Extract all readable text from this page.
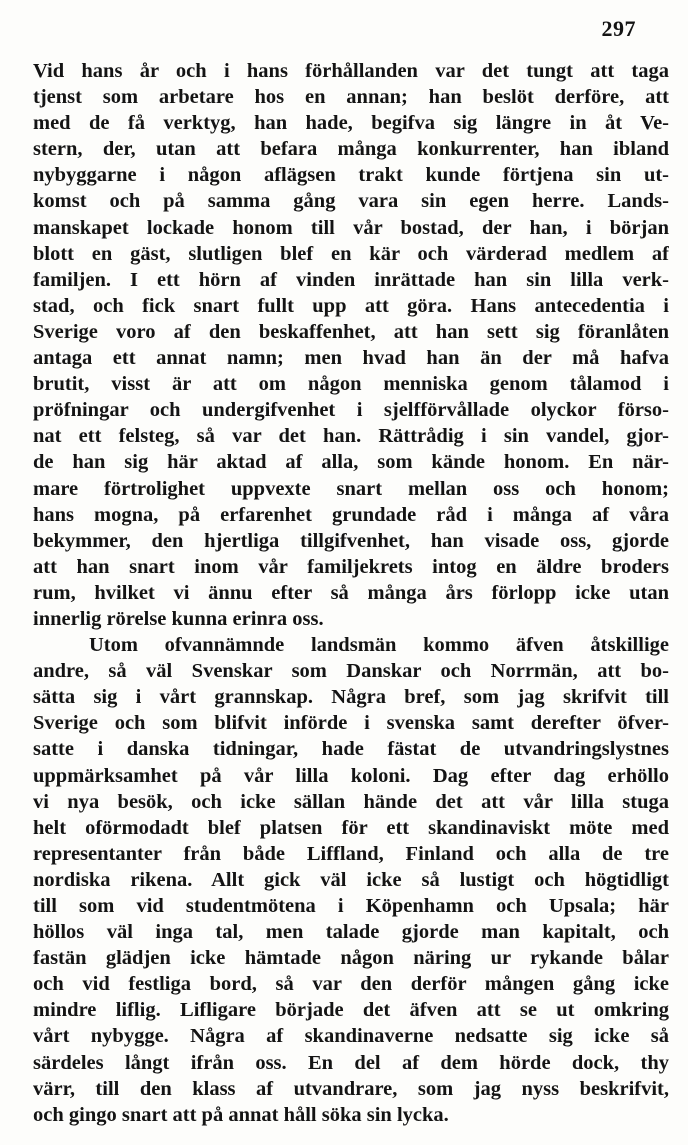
297
Vid hans år och i hans förhållanden var det tungt att taga
tjenst som arbetare hos en annan; han beslöt derföre, att
med de få verktyg, han hade, begifva sig längre in åt Ve-
stern, der, utan att befara många konkurrenter, han ibland
nybyggarne i någon aflägsen trakt kunde förtjena sin ut-
komst och på samma gång vara sin egen herre. Lands-
manskapet lockade honom till vår bostad, der han, i början
blott en gäst, slutligen blef en kär och värderad medlem af
familjen. I ett hörn af vinden inrättade han sin lilla verk-
stad, och fick snart fullt upp att göra. Hans antecedentia i
Sverige voro af den beskaffenhet, att han sett sig föranlåten
antaga ett annat namn; men hvad han än der må hafva
brutit, visst är att om någon menniska genom tålamod i
pröfningar och undergifvenhet i sjelfförvållade olyckor förso-
nat ett felsteg, så var det han. Rättrådig i sin vandel, gjor-
de han sig här aktad af alla, som kände honom. En när-
mare förtrolighet uppvexte snart mellan oss och honom;
hans mogna, på erfarenhet grundade råd i många af våra
bekymmer, den hjertliga tillgifvenhet, han visade oss, gjorde
att han snart inom vår familjekrets intog en äldre broders
rum, hvilket vi ännu efter så många års förlopp icke utan
innerlig rörelse kunna erinra oss.
Utom ofvannämnde landsmän kommo äfven åtskillige
andre, så väl Svenskar som Danskar och Norrmän, att bo-
sätta sig i vårt grannskap. Några bref, som jag skrifvit till
Sverige och som blifvit införde i svenska samt derefter öfver-
satte i danska tidningar, hade fästat de utvandringslystnes
uppmärksamhet på vår lilla koloni. Dag efter dag erhöllo
vi nya besök, och icke sällan hände det att vår lilla stuga
helt oförmodadt blef platsen för ett skandinaviskt möte med
representanter från både Liffland, Finland och alla de tre
nordiska rikena. Allt gick väl icke så lustigt och högtidligt
till som vid studentmötena i Köpenhamn och Upsala; här
höllos väl inga tal, men talade gjorde man kapitalt, och
fastän glädjen icke hämtade någon näring ur rykande bålar
och vid festliga bord, så var den derför mången gång icke
mindre liflig. Lifligare började det äfven att se ut omkring
vårt nybygge. Några af skandinaverne nedsatte sig icke så
särdeles långt ifrån oss. En del af dem hörde dock, thy
värr, till den klass af utvandrare, som jag nyss beskrifvit,
och gingo snart att på annat håll söka sin lycka.
